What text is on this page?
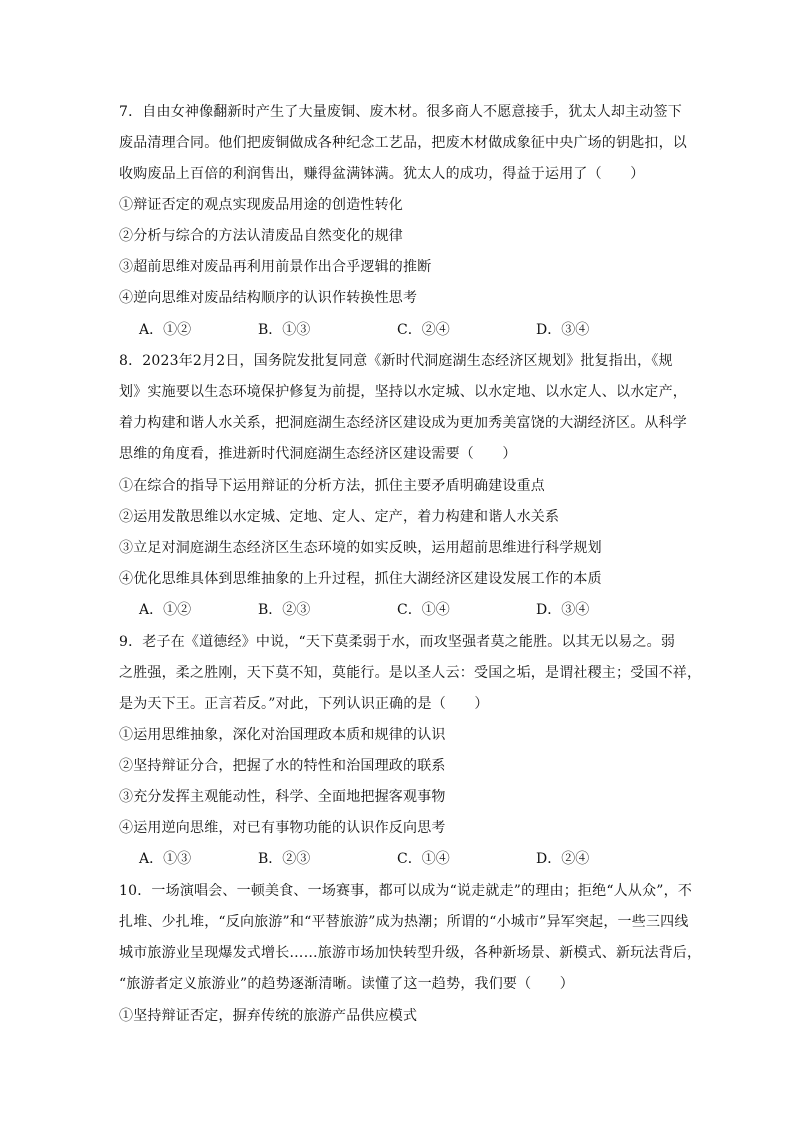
7．自由女神像翻新时产生了大量废铜、废木材。很多商人不愿意接手，犹太人却主动签下
废品清理合同。他们把废铜做成各种纪念工艺品，把废木材做成象征中央广场的钥匙扣，以
收购废品上百倍的利润售出，赚得盆满钵满。犹太人的成功，得益于运用了（　　）
①辩证否定的观点实现废品用途的创造性转化
②分析与综合的方法认清废品自然变化的规律
③超前思维对废品再利用前景作出合乎逻辑的推断
④逆向思维对废品结构顺序的认识作转换性思考
A．①②	B．①③	C．②④	D．③④
8．2023年2月2日，国务院发批复同意《新时代洞庭湖生态经济区规划》批复指出，《规
划》实施要以生态环境保护修复为前提，坚持以水定城、以水定地、以水定人、以水定产，
着力构建和谐人水关系，把洞庭湖生态经济区建设成为更加秀美富饶的大湖经济区。从科学
思维的角度看，推进新时代洞庭湖生态经济区建设需要（　　）
①在综合的指导下运用辩证的分析方法，抓住主要矛盾明确建设重点
②运用发散思维以水定城、定地、定人、定产，着力构建和谐人水关系
③立足对洞庭湖生态经济区生态环境的如实反映，运用超前思维进行科学规划
④优化思维具体到思维抽象的上升过程，抓住大湖经济区建设发展工作的本质
A．①②	B．②③	C．①④	D．③④
9．老子在《道德经》中说，“天下莫柔弱于水，而攻坚强者莫之能胜。以其无以易之。弱
之胜强，柔之胜刚，天下莫不知，莫能行。是以圣人云：受国之垢，是谓社稷主；受国不祥，
是为天下王。正言若反。”对此，下列认识正确的是（　　）
①运用思维抽象，深化对治国理政本质和规律的认识
②坚持辩证分合，把握了水的特性和治国理政的联系
③充分发挥主观能动性，科学、全面地把握客观事物
④运用逆向思维，对已有事物功能的认识作反向思考
A．①③	B．②③	C．①④	D．②④
10．一场演唱会、一顿美食、一场赛事，都可以成为“说走就走”的理由；拒绝“人从众”，不
扎堆、少扎堆，“反向旅游”和“平替旅游”成为热潮；所谓的“小城市”异军突起，一些三四线
城市旅游业呈现爆发式增长……旅游市场加快转型升级，各种新场景、新模式、新玩法背后，
“旅游者定义旅游业”的趋势逐渐清晰。读懂了这一趋势，我们要（　　）
①坚持辩证否定，摒弃传统的旅游产品供应模式
